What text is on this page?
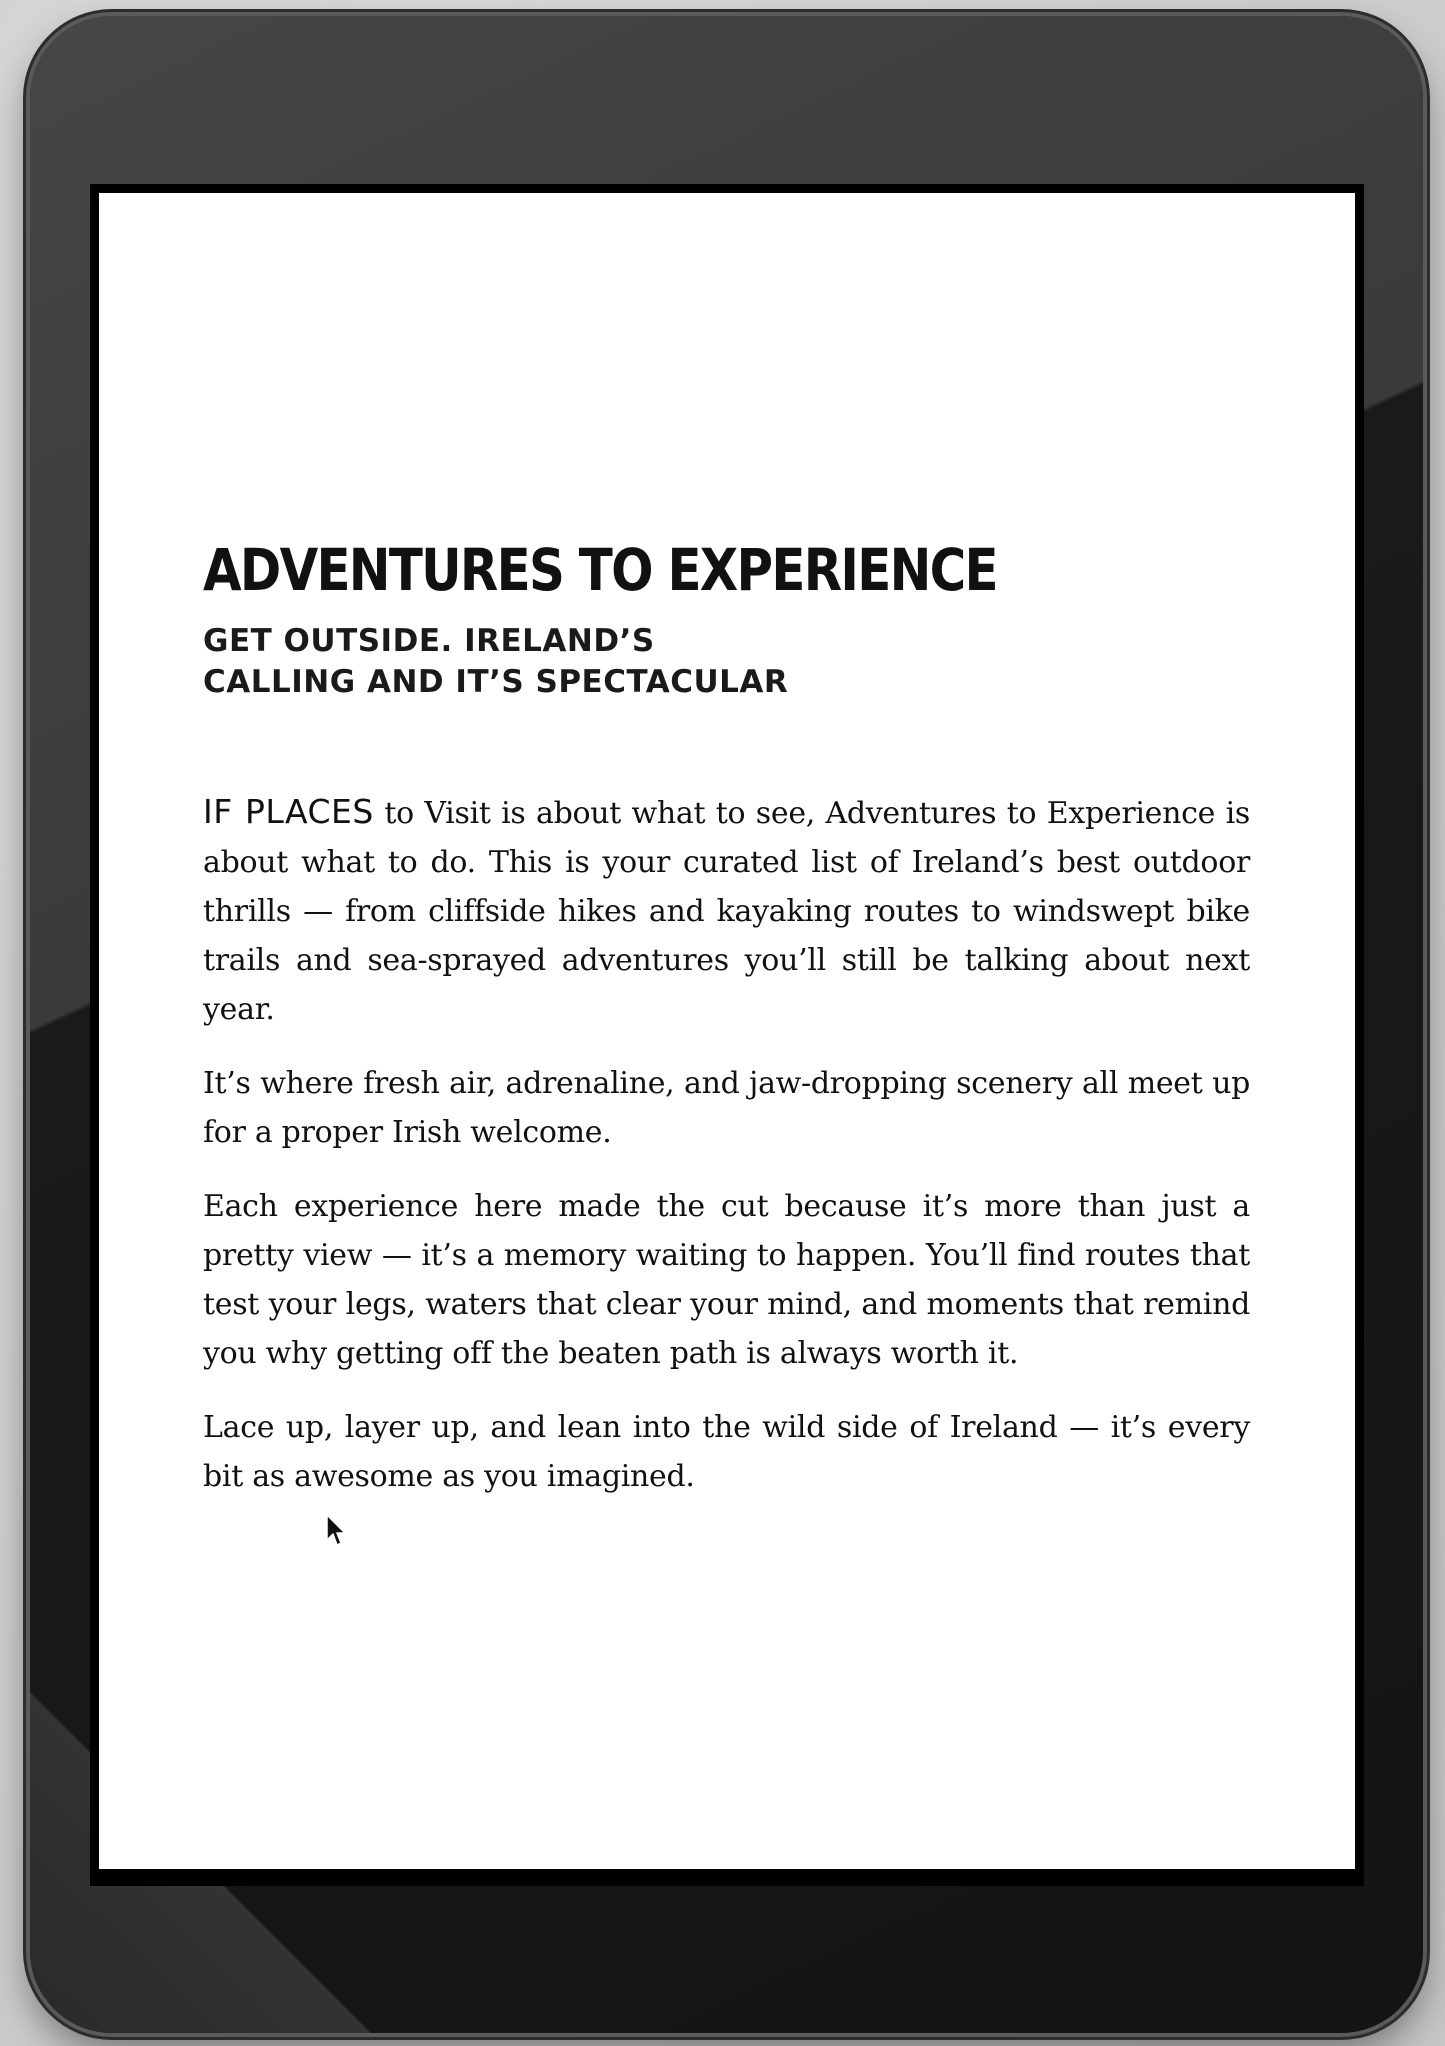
ADVENTURES TO EXPERIENCE
GET OUTSIDE. IRELAND’S CALLING AND IT’S SPECTACULAR

IF PLACES to Visit is about what to see, Adventures to Experience is about what to do. This is your curated list of Ireland’s best outdoor thrills — from cliffside hikes and kayaking routes to windswept bike trails and sea-sprayed adventures you’ll still be talking about next year.

It’s where fresh air, adrenaline, and jaw-dropping scenery all meet up for a proper Irish welcome.

Each experience here made the cut because it’s more than just a pretty view — it’s a memory waiting to happen. You’ll find routes that test your legs, waters that clear your mind, and moments that remind you why getting off the beaten path is always worth it.

Lace up, layer up, and lean into the wild side of Ireland — it’s every bit as awesome as you imagined.
